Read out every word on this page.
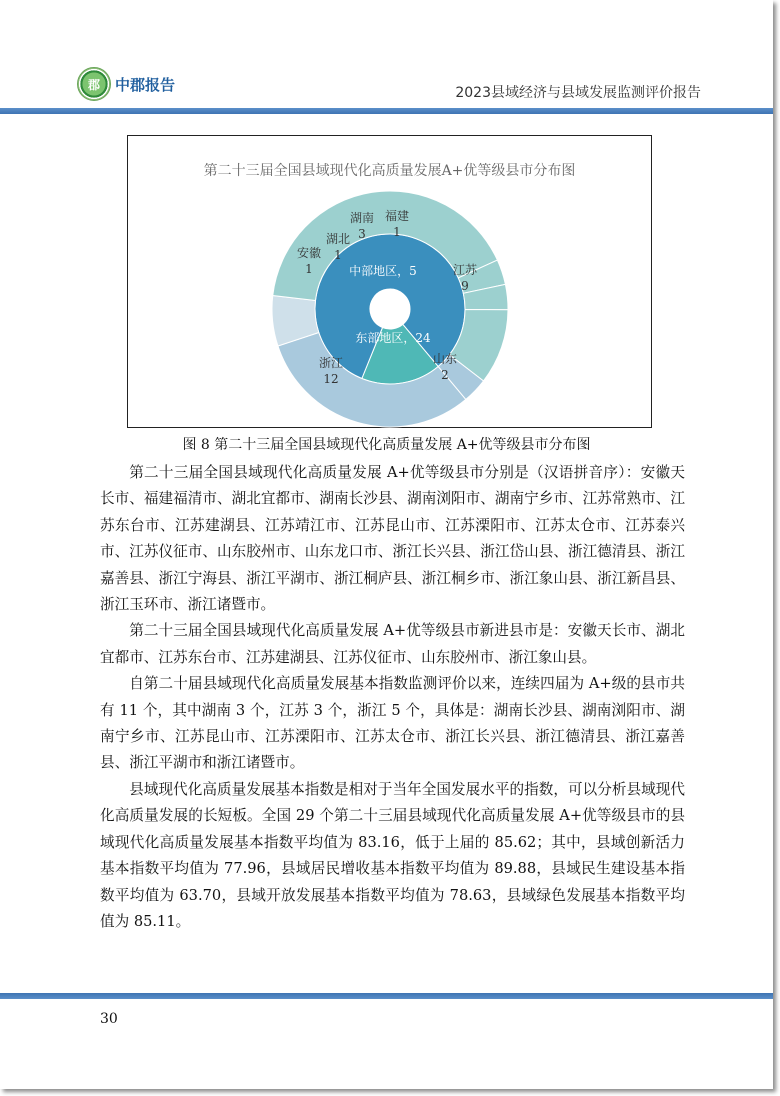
郡	中郡报告	2023县域经济与县域发展监测评价报告
第二十三届全国县域现代化高质量发展A+优等级县市分布图
中部地区，5
东部地区，24
安徽
1
湖北
1
湖南
3
福建
1
江苏
9
山东
2
浙江
12
图 8 第二十三届全国县域现代化高质量发展 A+优等级县市分布图

第二十三届全国县域现代化高质量发展 A+优等级县市分别是（汉语拼音序）：安徽天长市、福建福清市、湖北宜都市、湖南长沙县、湖南浏阳市、湖南宁乡市、江苏常熟市、江苏东台市、江苏建湖县、江苏靖江市、江苏昆山市、江苏溧阳市、江苏太仓市、江苏泰兴市、江苏仪征市、山东胶州市、山东龙口市、浙江长兴县、浙江岱山县、浙江德清县、浙江嘉善县、浙江宁海县、浙江平湖市、浙江桐庐县、浙江桐乡市、浙江象山县、浙江新昌县、浙江玉环市、浙江诸暨市。

第二十三届全国县域现代化高质量发展 A+优等级县市新进县市是：安徽天长市、湖北宜都市、江苏东台市、江苏建湖县、江苏仪征市、山东胶州市、浙江象山县。

自第二十届县域现代化高质量发展基本指数监测评价以来，连续四届为 A+级的县市共有 11 个，其中湖南 3 个，江苏 3 个，浙江 5 个，具体是：湖南长沙县、湖南浏阳市、湖南宁乡市、江苏昆山市、江苏溧阳市、江苏太仓市、浙江长兴县、浙江德清县、浙江嘉善县、浙江平湖市和浙江诸暨市。

县域现代化高质量发展基本指数是相对于当年全国发展水平的指数，可以分析县域现代化高质量发展的长短板。全国 29 个第二十三届县域现代化高质量发展 A+优等级县市的县域现代化高质量发展基本指数平均值为 83.16，低于上届的 85.62；其中，县域创新活力基本指数平均值为 77.96，县域居民增收基本指数平均值为 89.88，县域民生建设基本指数平均值为 63.70，县域开放发展基本指数平均值为 78.63，县域绿色发展基本指数平均值为 85.11。

30
